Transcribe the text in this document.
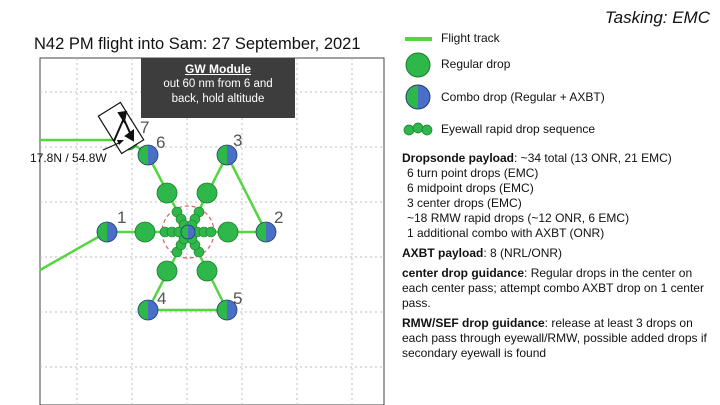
1	2
3
4	5
6
7
Tasking: EMC
N42 PM flight into Sam: 27 September, 2021
GW Module
out 60 nm from 6 and
back, hold altitude
17.8N / 54.8W
Flight track
Regular drop
Combo drop (Regular + AXBT)
Eyewall rapid drop sequence

Dropsonde payload: ~34 total (13 ONR, 21 EMC)

6 turn point drops (EMC)

6 midpoint drops (EMC)

3 center drops (EMC)

~18 RMW rapid drops (~12 ONR, 6 EMC)

1 additional combo with AXBT (ONR)

AXBT payload: 8 (NRL/ONR)

center drop guidance: Regular drops in the center on each center pass; attempt combo AXBT drop on 1 center pass.

RMW/SEF drop guidance: release at least 3 drops on each pass through eyewall/RMW, possible added drops if secondary eyewall is found
